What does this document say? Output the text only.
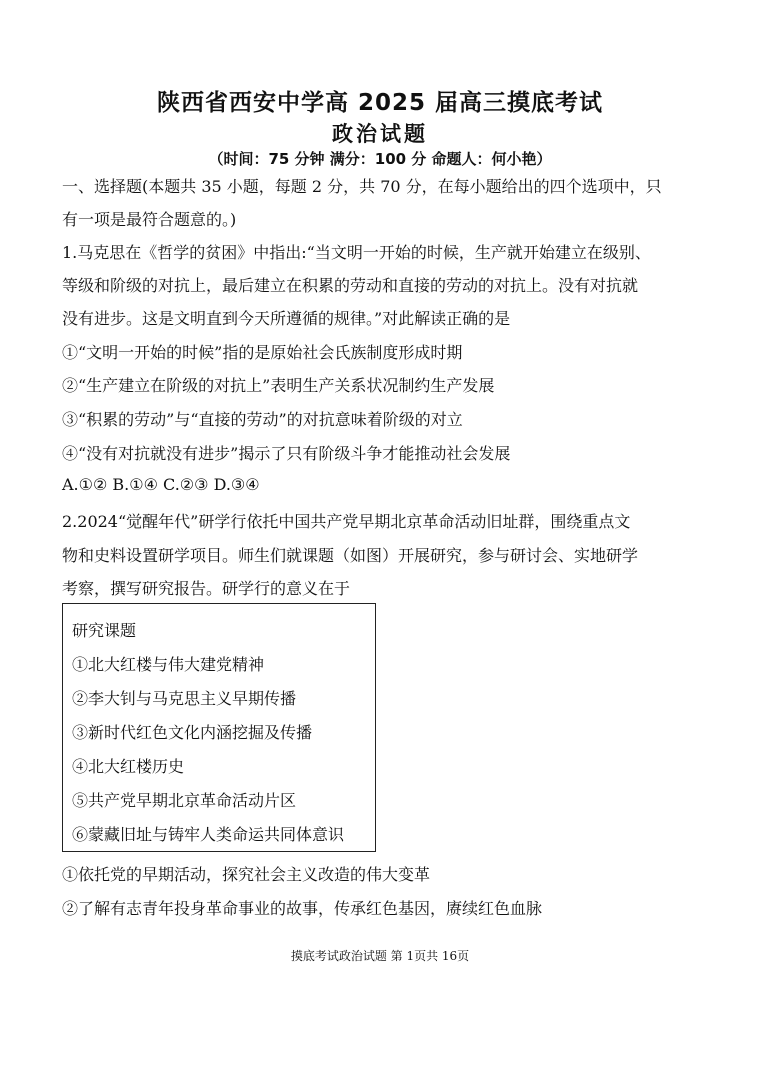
陕西省西安中学高 2025 届高三摸底考试
政治试题
（时间：75 分钟 满分：100 分 命题人：何小艳）
一、选择题(本题共 35 小题，每题 2 分，共 70 分，在每小题给出的四个选项中，只
有一项是最符合题意的。)
1.马克思在《哲学的贫困》中指出:“当文明一开始的时候，生产就开始建立在级别、
等级和阶级的对抗上，最后建立在积累的劳动和直接的劳动的对抗上。没有对抗就
没有进步。这是文明直到今天所遵循的规律。”对此解读正确的是
①“文明一开始的时候”指的是原始社会氏族制度形成时期
②“生产建立在阶级的对抗上”表明生产关系状况制约生产发展
③“积累的劳动”与“直接的劳动”的对抗意味着阶级的对立
④“没有对抗就没有进步”揭示了只有阶级斗争才能推动社会发展
A.①② B.①④ C.②③ D.③④
2.2024“觉醒年代”研学行依托中国共产党早期北京革命活动旧址群，围绕重点文
物和史料设置研学项目。师生们就课题（如图）开展研究，参与研讨会、实地研学
考察，撰写研究报告。研学行的意义在于
研究课题
①北大红楼与伟大建党精神
②李大钊与马克思主义早期传播
③新时代红色文化内涵挖掘及传播
④北大红楼历史
⑤共产党早期北京革命活动片区
⑥蒙藏旧址与铸牢人类命运共同体意识
①依托党的早期活动，探究社会主义改造的伟大变革
②了解有志青年投身革命事业的故事，传承红色基因，赓续红色血脉
摸底考试政治试题 第 1页共 16页
